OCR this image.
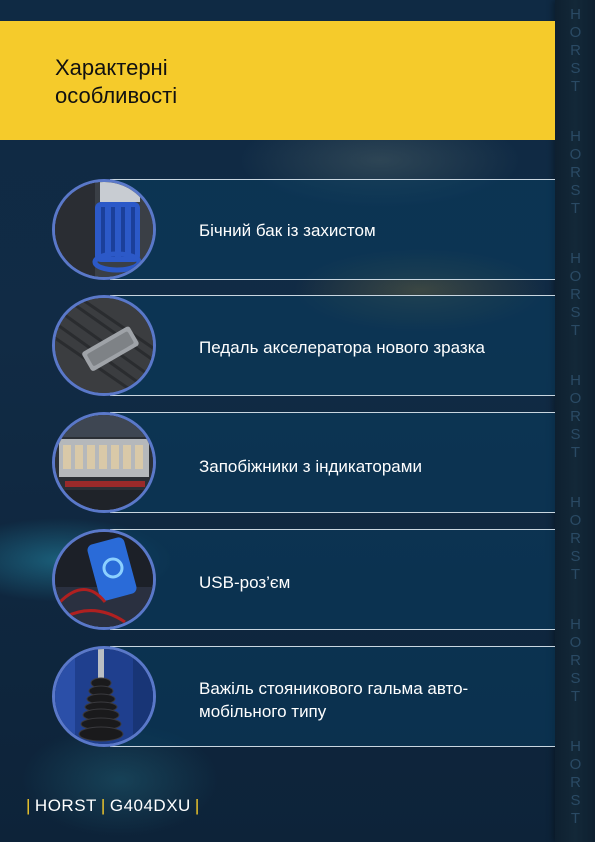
HORST
HORST
HORST
HORST
HORST
HORST
HORST
Характерні
особливості
Бічний бак із захистом
Педаль акселератора нового зразка
Запобіжники з індикаторами
USB-роз’єм
Важіль стояникового гальма авто-
мобільного типу
| HORST | G404DXU |
